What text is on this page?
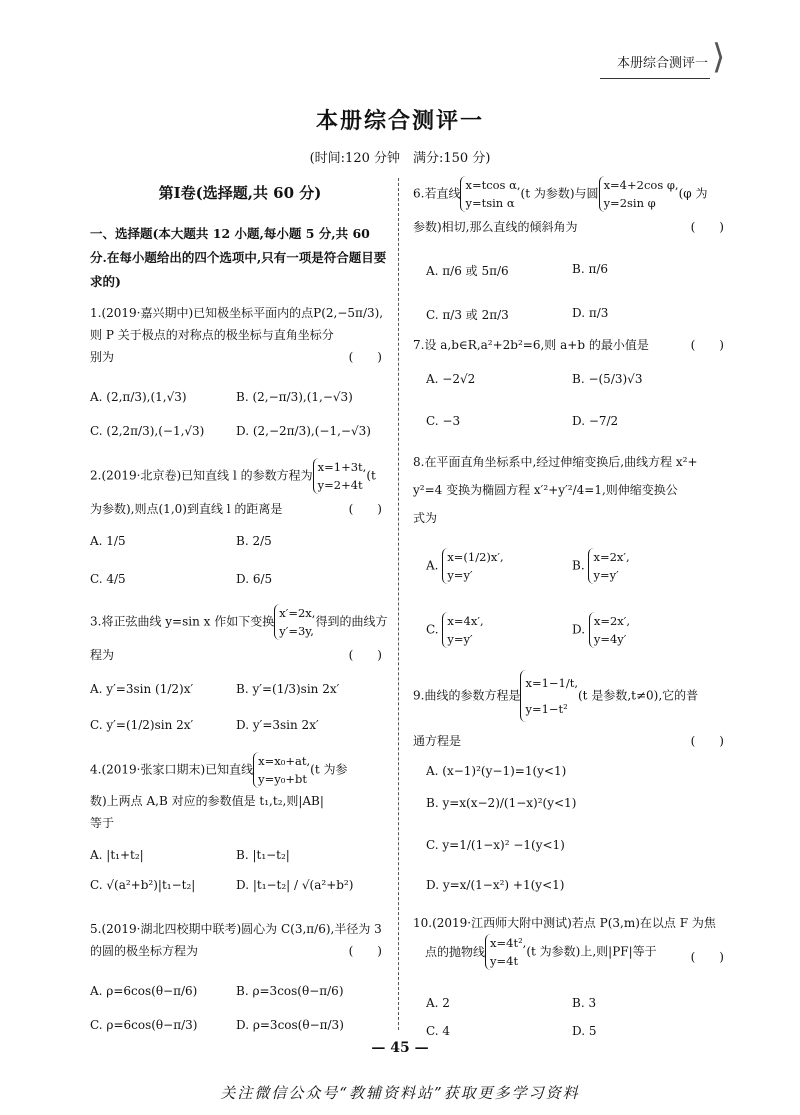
本册综合测评一 ⟩
本册综合测评一
(时间:120 分钟　满分:150 分)
第Ⅰ卷(选择题,共 60 分)
一、选择题(本大题共 12 小题,每小题 5 分,共 60 分.在每小题给出的四个选项中,只有一项是符合题目要求的)
1.(2019·嘉兴期中)已知极坐标平面内的点P(2,−5π/3),
则 P 关于极点的对称点的极坐标与直角坐标分
别为	(　　)
A. (2,π/3),(1,√3)	B. (2,−π/3),(1,−√3)
C. (2,2π/3),(−1,√3)	D. (2,−2π/3),(−1,−√3)
2.(2019·北京卷)已知直线 l 的参数方程为
x=1+3t,
y=2+4t
(t
为参数),则点(1,0)到直线 l 的距离是	(　　)
A. 1/5	B. 2/5
C. 4/5	D. 6/5
3.将正弦曲线 y=sin x 作如下变换
x′=2x,
y′=3y,
得到的曲线方
程为	(　　)
A. y′=3sin (1/2)x′	B. y′=(1/3)sin 2x′
C. y′=(1/2)sin 2x′	D. y′=3sin 2x′
4.(2019·张家口期末)已知直线
x=x₀+at,
y=y₀+bt
(t 为参
数)上两点 A,B 对应的参数值是 t₁,t₂,则|AB|
等于
A. |t₁+t₂|	B. |t₁−t₂|
C. √(a²+b²)|t₁−t₂|	D. |t₁−t₂| / √(a²+b²)
5.(2019·湖北四校期中联考)圆心为 C(3,π/6),半径为 3
的圆的极坐标方程为	(　　)
A. ρ=6cos(θ−π/6)	B. ρ=3cos(θ−π/6)
C. ρ=6cos(θ−π/3)	D. ρ=3cos(θ−π/3)
6.若直线
x=tcos α,
y=tsin α
(t 为参数)与圆
x=4+2cos φ,
y=2sin φ
(φ 为
参数)相切,那么直线的倾斜角为	(　　)
A. π/6 或 5π/6	B. π/6
C. π/3 或 2π/3	D. π/3
7.设 a,b∈R,a²+2b²=6,则 a+b 的最小值是	(　　)
A. −2√2	B. −(5/3)√3
C. −3	D. −7/2
8.在平面直角坐标系中,经过伸缩变换后,曲线方程 x²+
y²=4 变换为椭圆方程 x′²+y′²/4=1,则伸缩变换公
式为
A.
x=(1/2)x′,
y=y′
B.
x=2x′,
y=y′
C.
x=4x′,
y=y′
D.
x=2x′,
y=4y′
9.曲线的参数方程是
x=1−1/t,
y=1−t²
(t 是参数,t≠0),它的普
通方程是	(　　)
A. (x−1)²(y−1)=1(y<1)
B. y=x(x−2)/(1−x)²(y<1)
C. y=1/(1−x)² −1(y<1)
D. y=x/(1−x²) +1(y<1)
10.(2019·江西师大附中测试)若点 P(3,m)在以点 F 为焦
点的抛物线
x=4t²,
y=4t
(t 为参数)上,则|PF|等于	(　　)
A. 2	B. 3
C. 4	D. 5
— 45 —
关注微信公众号“教辅资料站”获取更多学习资料
